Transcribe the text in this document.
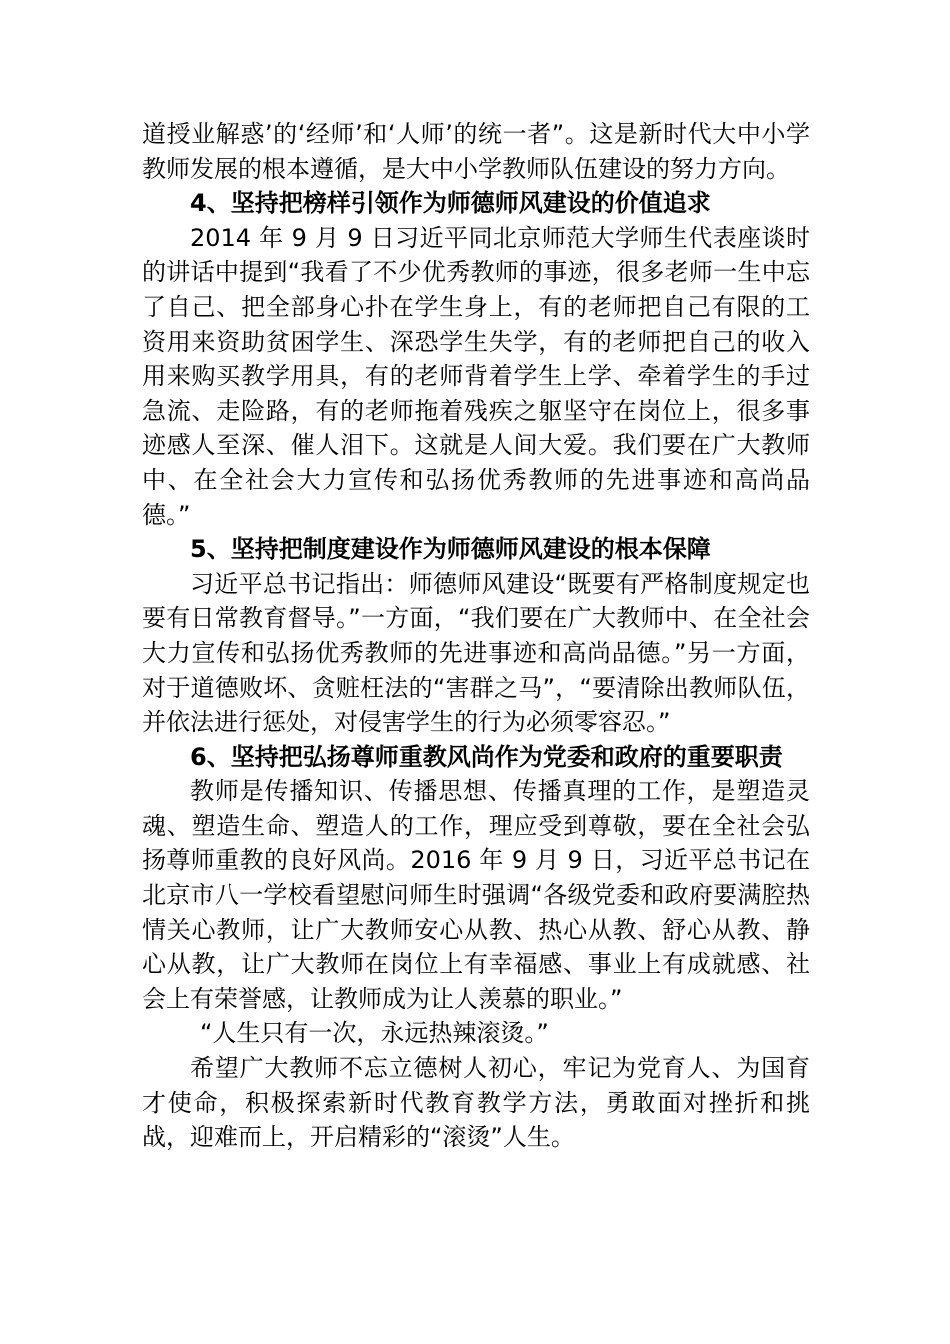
道授业解惑’的‘经师’和‘人师’的统一者”。这是新时代大中小学教师发展的根本遵循，是大中小学教师队伍建设的努力方向。

4、坚持把榜样引领作为师德师风建设的价值追求

2014 年 9 月 9 日习近平同北京师范大学师生代表座谈时的讲话中提到“我看了不少优秀教师的事迹，很多老师一生中忘了自己、把全部身心扑在学生身上，有的老师把自己有限的工资用来资助贫困学生、深恐学生失学，有的老师把自己的收入用来购买教学用具，有的老师背着学生上学、牵着学生的手过急流、走险路，有的老师拖着残疾之躯坚守在岗位上，很多事迹感人至深、催人泪下。这就是人间大爱。我们要在广大教师中、在全社会大力宣传和弘扬优秀教师的先进事迹和高尚品德。”

5、坚持把制度建设作为师德师风建设的根本保障

习近平总书记指出：师德师风建设“既要有严格制度规定也要有日常教育督导。”一方面，“我们要在广大教师中、在全社会大力宣传和弘扬优秀教师的先进事迹和高尚品德。”另一方面，对于道德败坏、贪赃枉法的“害群之马”，“要清除出教师队伍，并依法进行惩处，对侵害学生的行为必须零容忍。”

6、坚持把弘扬尊师重教风尚作为党委和政府的重要职责

教师是传播知识、传播思想、传播真理的工作，是塑造灵魂、塑造生命、塑造人的工作，理应受到尊敬，要在全社会弘扬尊师重教的良好风尚。2016 年 9 月 9 日，习近平总书记在北京市八一学校看望慰问师生时强调“各级党委和政府要满腔热情关心教师，让广大教师安心从教、热心从教、舒心从教、静心从教，让广大教师在岗位上有幸福感、事业上有成就感、社会上有荣誉感，让教师成为让人羡慕的职业。”

“人生只有一次，永远热辣滚烫。”

希望广大教师不忘立德树人初心，牢记为党育人、为国育才使命，积极探索新时代教育教学方法，勇敢面对挫折和挑战，迎难而上，开启精彩的“滚烫”人生。
